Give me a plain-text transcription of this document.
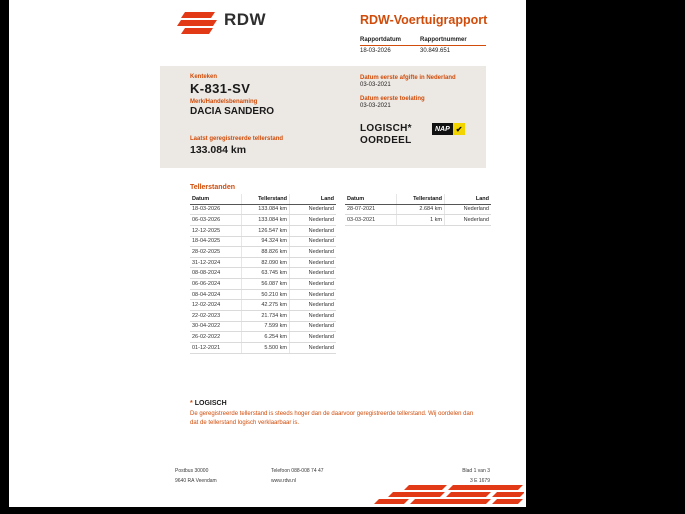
RDW	RDW-Voertuigrapport
Rapportdatum	Rapportnummer
18-03-2026	30.849.651
Kenteken
K-831-SV
Merk/Handelsbenaming
DACIA SANDERO
Laatst geregistreerde tellerstand
133.084 km
Datum eerste afgifte in Nederland
03-03-2021
Datum eerste toelating
03-03-2021
LOGISCH*
OORDEEL
NAP ✔
Tellerstanden
Datum	Tellerstand	Land
18-03-2026	133.084 km	Nederland
06-03-2026	133.084 km	Nederland
12-12-2025	126.547 km	Nederland
18-04-2025	94.324 km	Nederland
28-02-2025	88.826 km	Nederland
31-12-2024	82.090 km	Nederland
08-08-2024	63.745 km	Nederland
06-06-2024	56.087 km	Nederland
08-04-2024	50.210 km	Nederland
12-02-2024	42.275 km	Nederland
22-02-2023	21.734 km	Nederland
30-04-2022	7.599 km	Nederland
26-02-2022	6.254 km	Nederland
01-12-2021	5.500 km	Nederland
Datum	Tellerstand	Land
28-07-2021	2.684 km	Nederland
03-03-2021	1 km	Nederland
* LOGISCH
De geregistreerde tellerstand is steeds hoger dan de daarvoor geregistreerde tellerstand. Wij oordelen dan dat de tellerstand logisch verklaarbaar is.
Postbus 30000
9640 RA Veendam
Telefoon 088-008 74 47
www.rdw.nl
Blad 1 van 3
3 E 1679
